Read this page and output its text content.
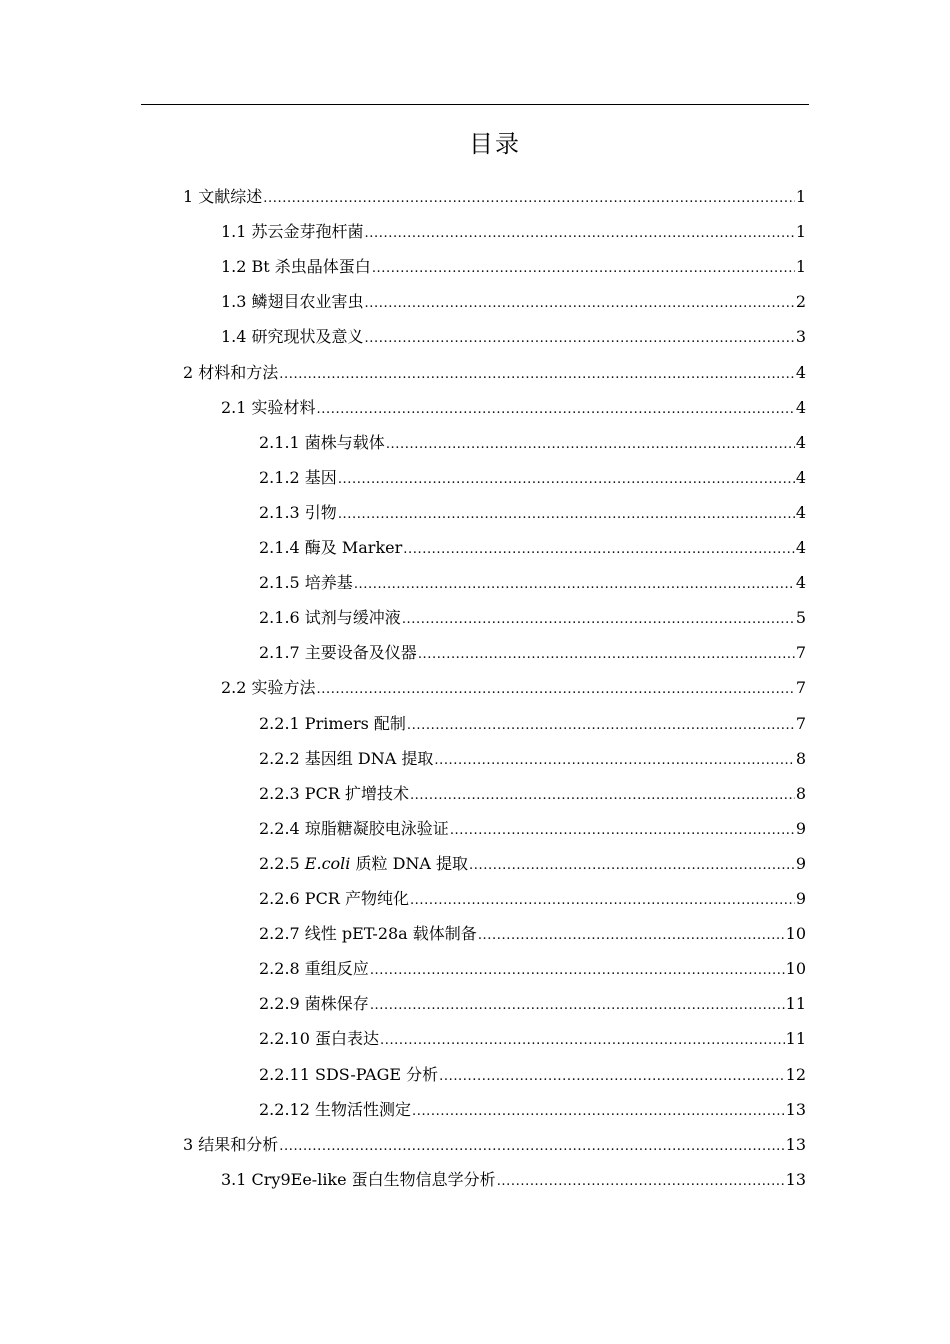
目录
1 文献综述 .....	1
1.1 苏云金芽孢杆菌 .....	1
1.2 Bt 杀虫晶体蛋白 .....	1
1.3 鳞翅目农业害虫 .....	2
1.4 研究现状及意义 .....	3
2 材料和方法 .....	4
2.1 实验材料 .....	4
2.1.1 菌株与载体 .....	4
2.1.2 基因 .....	4
2.1.3 引物 .....	4
2.1.4 酶及 Marker .....	4
2.1.5 培养基 .....	4
2.1.6 试剂与缓冲液 .....	5
2.1.7 主要设备及仪器 .....	7
2.2 实验方法 .....	7
2.2.1 Primers 配制 .....	7
2.2.2 基因组 DNA 提取 .....	8
2.2.3 PCR 扩增技术 .....	8
2.2.4 琼脂糖凝胶电泳验证 .....	9
2.2.5 E.coli 质粒 DNA 提取 .....	9
2.2.6 PCR 产物纯化 .....	9
2.2.7 线性 pET-28a 载体制备 .....	10
2.2.8 重组反应 .....	10
2.2.9 菌株保存 .....	11
2.2.10 蛋白表达 .....	11
2.2.11 SDS-PAGE 分析 .....	12
2.2.12 生物活性测定 .....	13
3 结果和分析 .....	13
3.1 Cry9Ee-like 蛋白生物信息学分析 .....	13
